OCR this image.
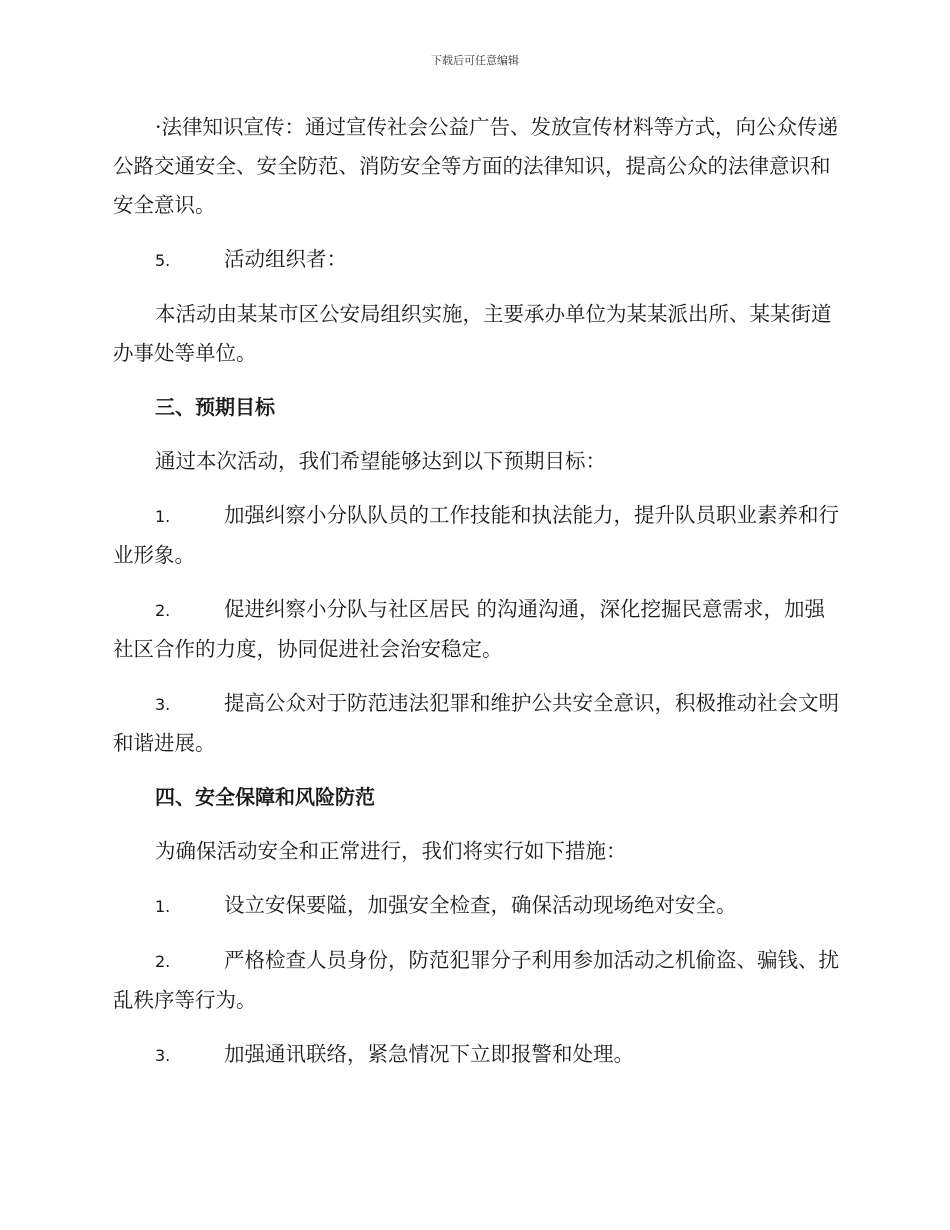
下载后可任意编辑

·法律知识宣传：通过宣传社会公益广告、发放宣传材料等方式，向公众传递公路交通安全、安全防范、消防安全等方面的法律知识，提高公众的法律意识和安全意识。

5.	活动组织者：

本活动由某某市区公安局组织实施，主要承办单位为某某派出所、某某街道办事处等单位。

三、预期目标

通过本次活动，我们希望能够达到以下预期目标：

1.	加强纠察小分队队员的工作技能和执法能力，提升队员职业素养和行业形象。

2.	促进纠察小分队与社区居民 的沟通沟通，深化挖掘民意需求，加强社区合作的力度，协同促进社会治安稳定。

3.	提高公众对于防范违法犯罪和维护公共安全意识，积极推动社会文明和谐进展。

四、安全保障和风险防范

为确保活动安全和正常进行，我们将实行如下措施：

1.	设立安保要隘，加强安全检查，确保活动现场绝对安全。

2.	严格检查人员身份，防范犯罪分子利用参加活动之机偷盗、骗钱、扰乱秩序等行为。

3.	加强通讯联络，紧急情况下立即报警和处理。
